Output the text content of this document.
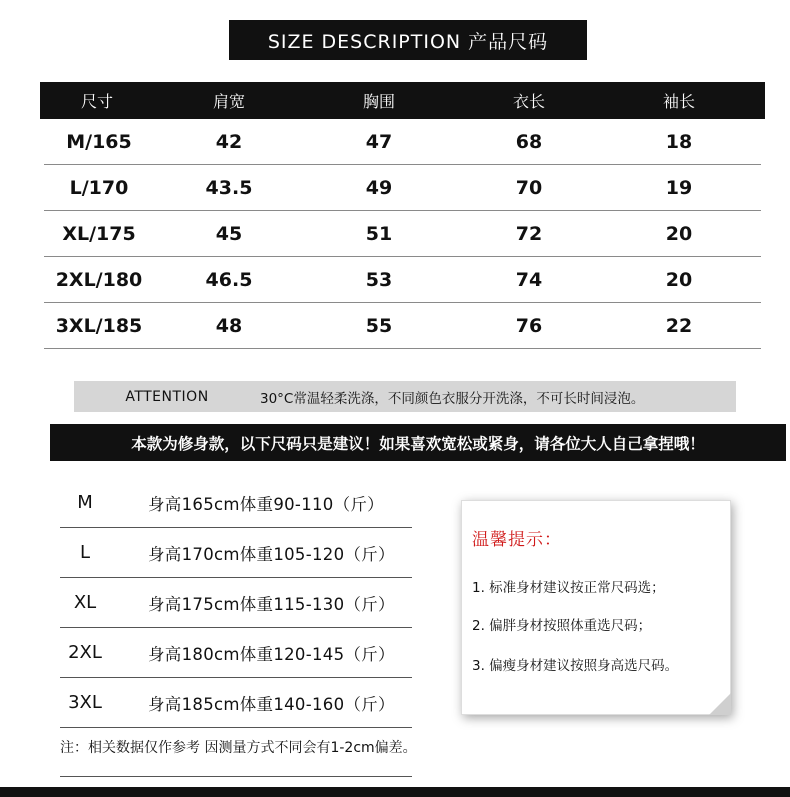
SIZE DESCRIPTION 产品尺码
尺寸	肩宽	胸围	衣长	袖长
M/165	42	47	68	18
L/170	43.5	49	70	19
XL/175	45	51	72	20
2XL/180	46.5	53	74	20
3XL/185	48	55	76	22
ATTENTION	30°C常温轻柔洗涤，不同颜色衣服分开洗涤，不可长时间浸泡。
本款为修身款，以下尺码只是建议！如果喜欢宽松或紧身，请各位大人自己拿捏哦！
M	身高165cm体重90-110（斤）
L	身高170cm体重105-120（斤）
XL	身高175cm体重115-130（斤）
2XL	身高180cm体重120-145（斤）
3XL	身高185cm体重140-160（斤）
注：相关数据仅作参考 因测量方式不同会有1-2cm偏差。
温馨提示：
1. 标准身材建议按正常尺码选；
2. 偏胖身材按照体重选尺码；
3. 偏瘦身材建议按照身高选尺码。
